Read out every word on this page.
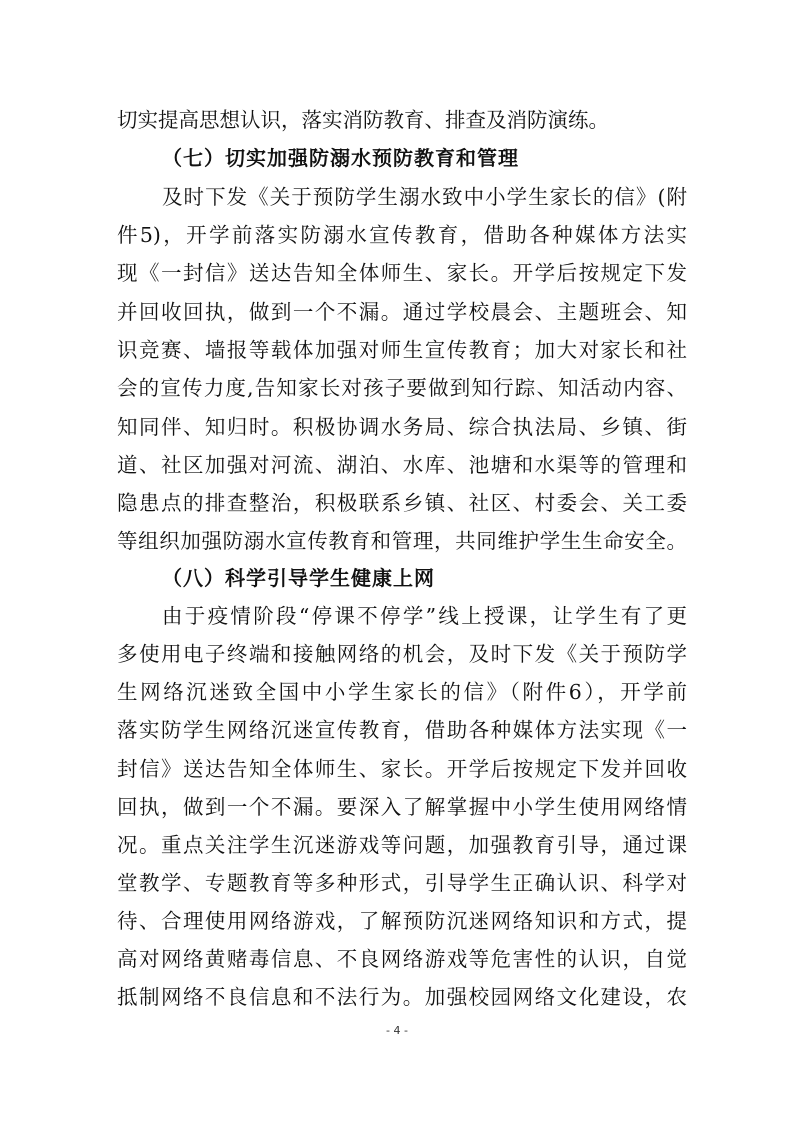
切实提高思想认识，落实消防教育、排查及消防演练。
（七）切实加强防溺水预防教育和管理
及时下发《关于预防学生溺水致中小学生家长的信》(附
件5)，开学前落实防溺水宣传教育，借助各种媒体方法实
现《一封信》送达告知全体师生、家长。开学后按规定下发
并回收回执，做到一个不漏。通过学校晨会、主题班会、知
识竞赛、墙报等载体加强对师生宣传教育；加大对家长和社
会的宣传力度,告知家长对孩子要做到知行踪、知活动内容、
知同伴、知归时。积极协调水务局、综合执法局、乡镇、街
道、社区加强对河流、湖泊、水库、池塘和水渠等的管理和
隐患点的排查整治，积极联系乡镇、社区、村委会、关工委
等组织加强防溺水宣传教育和管理，共同维护学生生命安全。
（八）科学引导学生健康上网
由于疫情阶段“停课不停学”线上授课，让学生有了更
多使用电子终端和接触网络的机会，及时下发《关于预防学
生网络沉迷致全国中小学生家长的信》（附件6），开学前
落实防学生网络沉迷宣传教育，借助各种媒体方法实现《一
封信》送达告知全体师生、家长。开学后按规定下发并回收
回执，做到一个不漏。要深入了解掌握中小学生使用网络情
况。重点关注学生沉迷游戏等问题，加强教育引导，通过课
堂教学、专题教育等多种形式，引导学生正确认识、科学对
待、合理使用网络游戏，了解预防沉迷网络知识和方式，提
高对网络黄赌毒信息、不良网络游戏等危害性的认识，自觉
抵制网络不良信息和不法行为。加强校园网络文化建设，农
- 4 -
